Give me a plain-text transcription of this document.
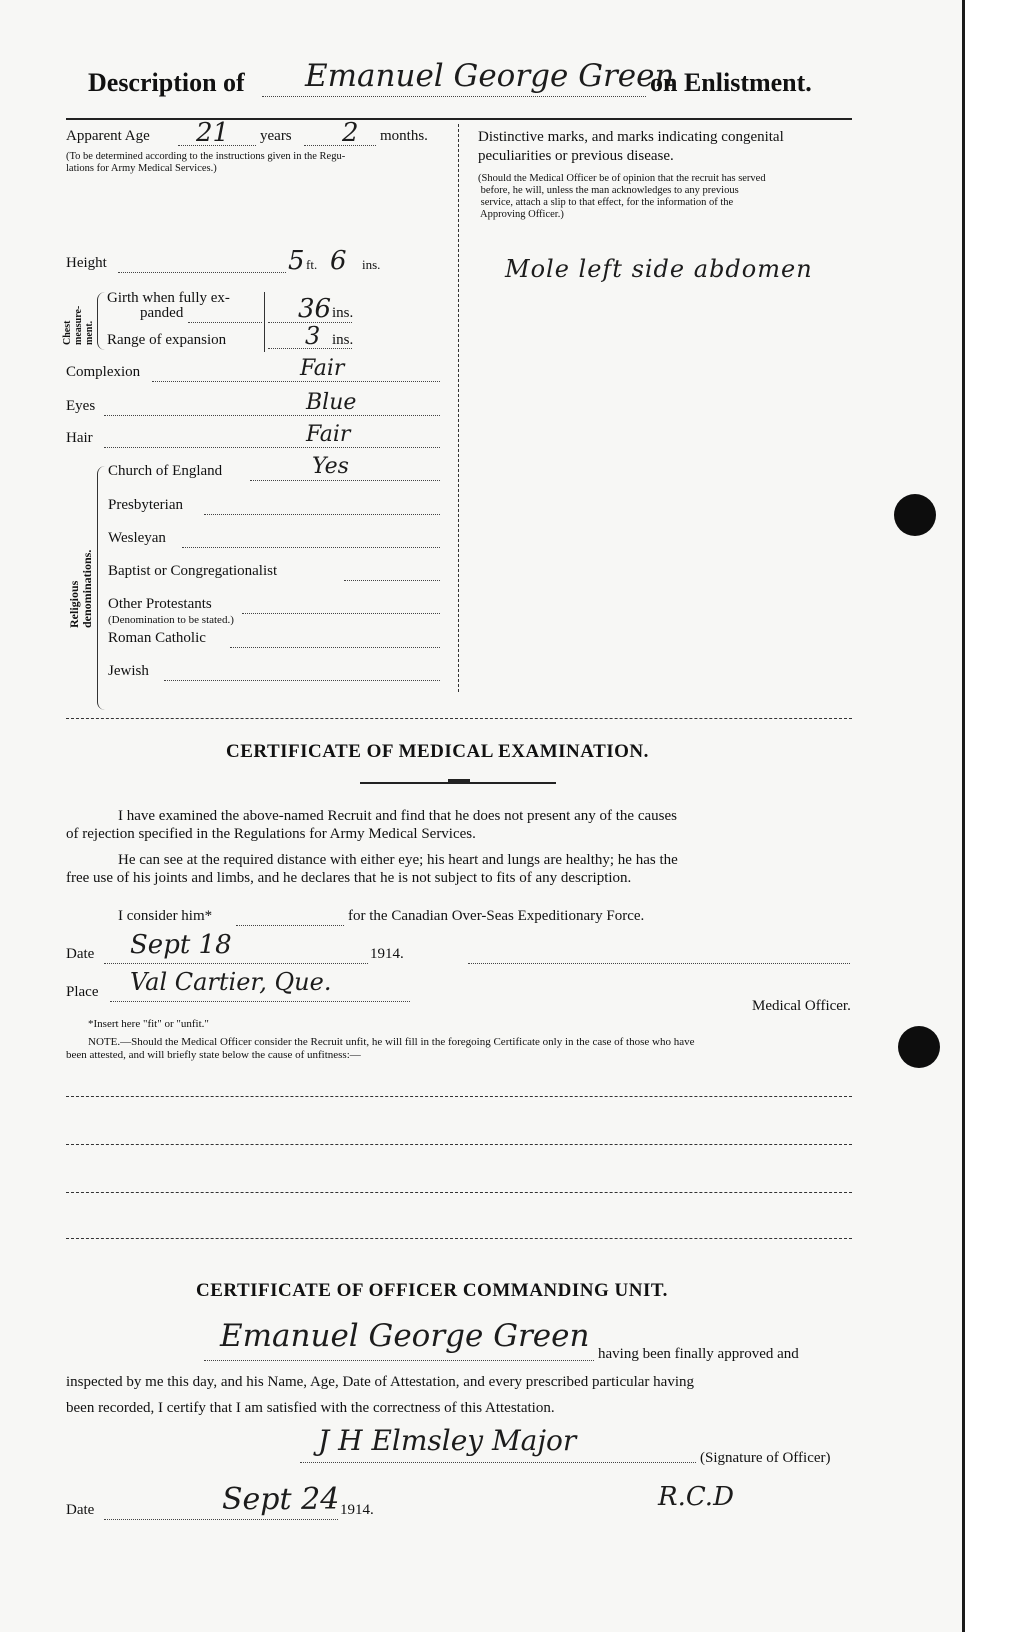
Description of Emanuel George Green
on Enlistment.
Apparent Age 21 years 2 months.
(To be determined according to the instructions given in the Regu-
lations for Army Medical Services.)
Height	5 ft. 6 ins.
Chest
measure-
ment.
Girth when fully ex-
panded	36 ins.
Range of expansion	3 ins.
Complexion	Fair
Eyes	Blue
Hair	Fair
Religious
denominations.
Church of England	Yes
Presbyterian
Wesleyan
Baptist or Congregationalist
Other Protestants
(Denomination to be stated.)
Roman Catholic
Jewish
Distinctive marks, and marks indicating congenital
peculiarities or previous disease.
(Should the Medical Officer be of opinion that the recruit has served
before, he will, unless the man acknowledges to any previous
service, attach a slip to that effect, for the information of the
Approving Officer.)
Mole left side abdomen
CERTIFICATE OF MEDICAL EXAMINATION.
I have examined the above-named Recruit and find that he does not present any of the causes
of rejection specified in the Regulations for Army Medical Services.
He can see at the required distance with either eye; his heart and lungs are healthy; he has the
free use of his joints and limbs, and he declares that he is not subject to fits of any description.
I consider him*	for the Canadian Over-Seas Expeditionary Force.
Date Sept 18	1914.
Place Val Cartier, Que.
Medical Officer.
*Insert here "fit" or "unfit."
NOTE.—Should the Medical Officer consider the Recruit unfit, he will fill in the foregoing Certificate only in the case of those who have
been attested, and will briefly state below the cause of unfitness:—
CERTIFICATE OF OFFICER COMMANDING UNIT.
Emanuel George Green having been finally approved and
inspected by me this day, and his Name, Age, Date of Attestation, and every prescribed particular having
been recorded, I certify that I am satisfied with the correctness of this Attestation.
J H Elmsley Major
(Signature of Officer)
R.C.D
Date	Sept 24 1914.
